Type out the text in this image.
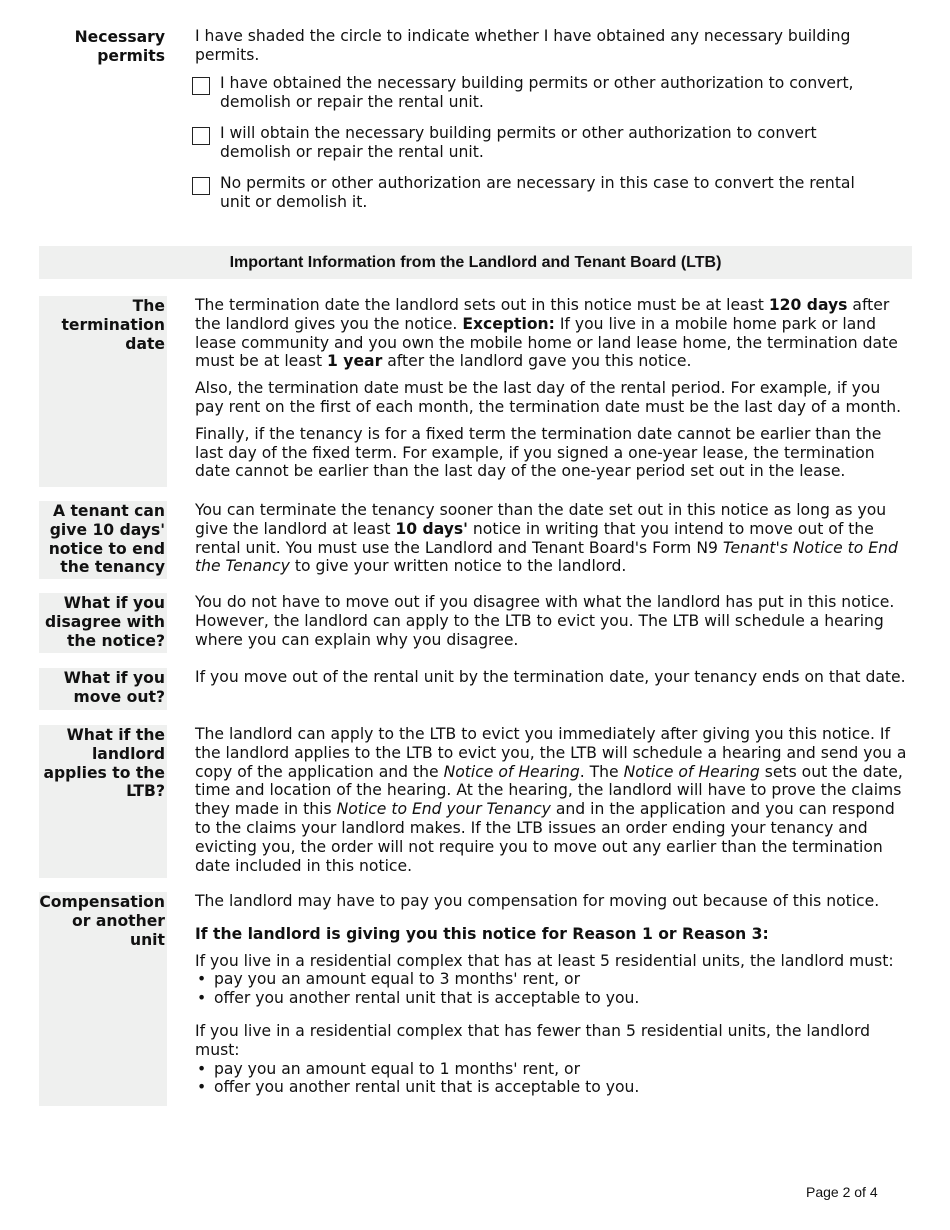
Necessary
permits

I have shaded the circle to indicate whether I have obtained any necessary building permits.

I have obtained the necessary building permits or other authorization to convert, demolish or repair the rental unit.
I will obtain the necessary building permits or other authorization to convert demolish or repair the rental unit.
No permits or other authorization are necessary in this case to convert the rental unit or demolish it.
Important Information from the Landlord and Tenant Board (LTB)
The
termination
date

The termination date the landlord sets out in this notice must be at least 120 days after the landlord gives you the notice. Exception: If you live in a mobile home park or land lease community and you own the mobile home or land lease home, the termination date must be at least 1 year after the landlord gave you this notice.

Also, the termination date must be the last day of the rental period. For example, if you pay rent on the first of each month, the termination date must be the last day of a month.

Finally, if the tenancy is for a fixed term the termination date cannot be earlier than the last day of the fixed term. For example, if you signed a one-year lease, the termination date cannot be earlier than the last day of the one-year period set out in the lease.

A tenant can
give 10 days'
notice to end
the tenancy

You can terminate the tenancy sooner than the date set out in this notice as long as you give the landlord at least 10 days' notice in writing that you intend to move out of the rental unit. You must use the Landlord and Tenant Board's Form N9 Tenant's Notice to End the Tenancy to give your written notice to the landlord.

What if you
disagree with
the notice?

You do not have to move out if you disagree with what the landlord has put in this notice. However, the landlord can apply to the LTB to evict you. The LTB will schedule a hearing where you can explain why you disagree.

What if you
move out?

If you move out of the rental unit by the termination date, your tenancy ends on that date.

What if the
landlord
applies to the
LTB?

The landlord can apply to the LTB to evict you immediately after giving you this notice. If the landlord applies to the LTB to evict you, the LTB will schedule a hearing and send you a copy of the application and the Notice of Hearing. The Notice of Hearing sets out the date, time and location of the hearing. At the hearing, the landlord will have to prove the claims they made in this Notice to End your Tenancy and in the application and you can respond to the claims your landlord makes. If the LTB issues an order ending your tenancy and evicting you, the order will not require you to move out any earlier than the termination date included in this notice.

Compensation
or another
unit

The landlord may have to pay you compensation for moving out because of this notice.

If the landlord is giving you this notice for Reason 1 or Reason 3:

If you live in a residential complex that has at least 5 residential units, the landlord must:

• pay you an amount equal to 3 months' rent, or
• offer you another rental unit that is acceptable to you.

If you live in a residential complex that has fewer than 5 residential units, the landlord must:

• pay you an amount equal to 1 months' rent, or
• offer you another rental unit that is acceptable to you.
Page 2 of 4
